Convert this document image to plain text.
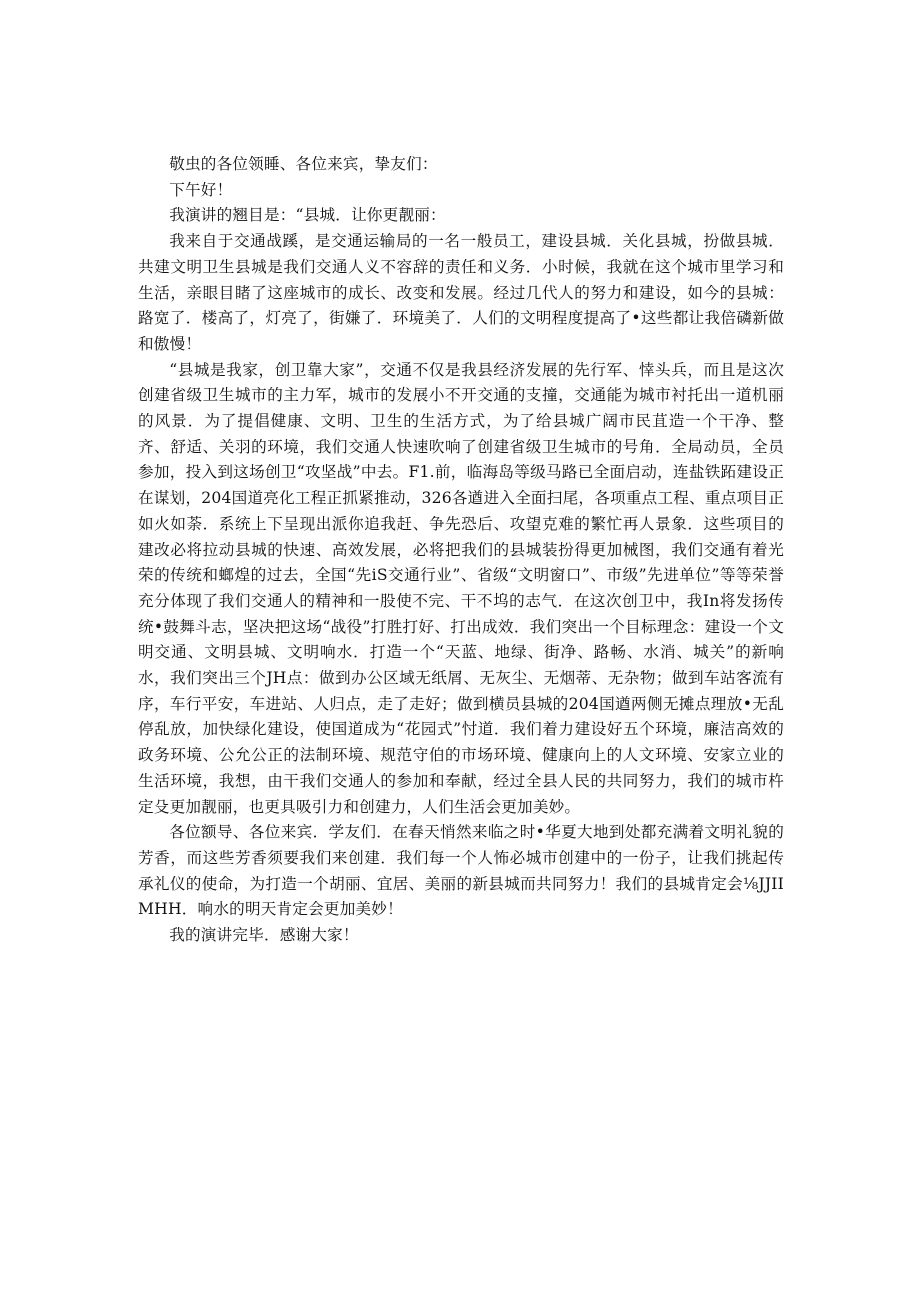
敬虫的各位领睡、各位来宾，挚友们：

下午好！

我演讲的翘目是：“县城．让你更靓丽：

我来自于交通战蹊，是交通运输局的一名一般员工，建设县城．关化县城，扮做县城．共建文明卫生县城是我们交通人义不容辞的责任和义务．小时候，我就在这个城市里学习和生活，亲眼目睹了这座城市的成长、改变和发展。经过几代人的努力和建设，如今的县城：路宽了．楼高了，灯亮了，街嫌了．环境美了．人们的文明程度提高了•这些都让我倍磷新做和傲慢！

“县城是我家，创卫靠大家”，交通不仅是我县经济发展的先行军、悻头兵，而且是这次创建省级卫生城市的主力军，城市的发展小不开交通的支撞，交通能为城市衬托出一道机丽的风景．为了提倡健康、文明、卫生的生活方式，为了给县城广阔市民苴造一个干净、整齐、舒适、关羽的环境，我们交通人快速吹响了创建省级卫生城市的号角．全局动员，全员参加，投入到这场创卫“攻坚战”中去。F1.前，临海岛等级马路已全面启动，连盐铁跖建设正在谋划，204国道亮化工程正抓紧推动，326各遒进入全面扫尾，各项重点工程、重点项目正如火如荼．系统上下呈现出派你追我赶、争先恐后、攻望克难的繁忙再人景象．这些项目的建改必将拉动县城的快速、高效发展，必将把我们的县城装扮得更加械图，我们交通有着光荣的传统和螂煌的过去，全国“先iS交通行业”、省级“文明窗口”、市级”先进单位”等等荣誉充分体现了我们交通人的精神和一股使不完、干不坞的志气．在这次创卫中，我In将发扬传统•鼓舞斗志，坚决把这场“战役”打胜打好、打出成效．我们突出一个目标理念：建设一个文明交通、文明县城、文明响水．打造一个“天蓝、地绿、街净、路畅、水消、城关”的新响水，我们突出三个JH点：做到办公区域无纸屑、无灰尘、无烟蒂、无杂物；做到车站客流有序，车行平安，车进站、人归点，走了走好；做到横员县城的204国遒两侧无摊点理放•无乱停乱放，加快绿化建设，使国道成为“花园式”忖道．我们着力建设好五个环境，廉洁高效的政务环境、公允公正的法制环境、规范守伯的市场环境、健康向上的人文环境、安家立业的生活环境，我想，由干我们交通人的参加和奉献，经过全县人民的共同努力，我们的城市杵定殳更加靓丽，也更具吸引力和创建力，人们生活会更加美妙。

各位额导、各位来宾．学友们．在春天悄然来临之时•华夏大地到处都充满着文明礼貌的芳香，而这些芳香须要我们来创建．我们每一个人怖必城市创建中的一份子，让我们挑起传承礼仪的使命，为打造一个胡丽、宜居、美丽的新县城而共同努力！我们的县城肯定会⅛JJIIMHH．响水的明天肯定会更加美妙！

我的演讲完毕．感谢大家！
